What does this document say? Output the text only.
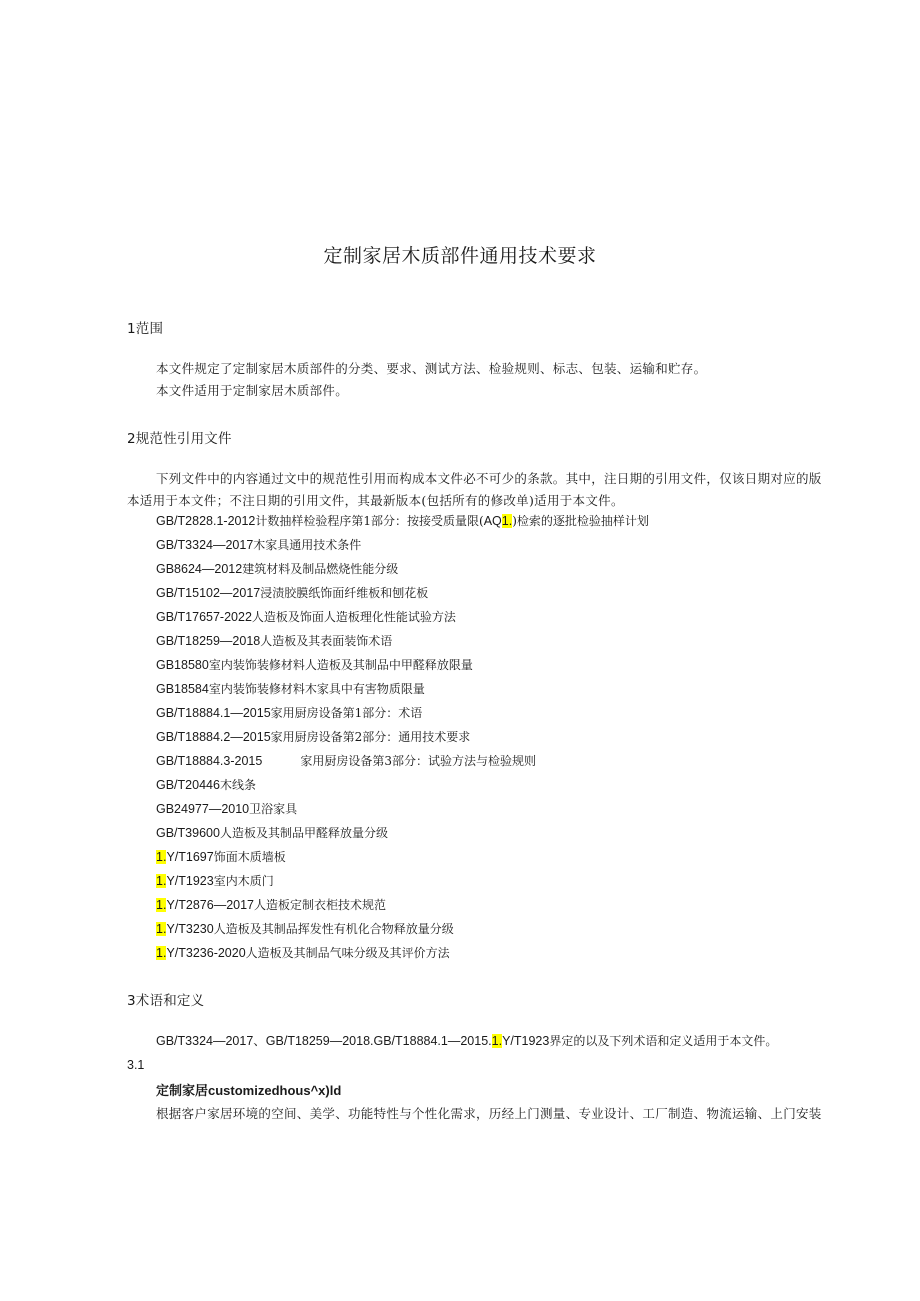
定制家居木质部件通用技术要求
1范围
本文件规定了定制家居木质部件的分类、要求、测试方法、检验规则、标志、包装、运输和贮存。
本文件适用于定制家居木质部件。
2规范性引用文件
下列文件中的内容通过文中的规范性引用而构成本文件必不可少的条款。其中，注日期的引用文件，仅该日期对应的版
本适用于本文件；不注日期的引用文件，其最新版本(包括所有的修改单)适用于本文件。
GB/T2828.1-2012计数抽样检验程序第1部分：按接受质量限(AQ1.)检索的逐批检验抽样计划
GB/T3324—2017木家具通用技术条件
GB8624—2012建筑材料及制品燃烧性能分级
GB/T15102—2017浸渍胶膜纸饰面纤维板和刨花板
GB/T17657-2022人造板及饰面人造板理化性能试验方法
GB/T18259—2018人造板及其表面装饰术语
GB18580室内装饰装修材料人造板及其制品中甲醛释放限量
GB18584室内装饰装修材料木家具中有害物质限量
GB/T18884.1—2015家用厨房设备第1部分：术语
GB/T18884.2—2015家用厨房设备第2部分：通用技术要求
GB/T18884.3-2015	家用厨房设备第3部分：试验方法与检验规则
GB/T20446木线条
GB24977—2010卫浴家具
GB/T39600人造板及其制品甲醛释放量分级
1.Y/T1697饰面木质墙板
1.Y/T1923室内木质门
1.Y/T2876—2017人造板定制衣柜技术规范
1.Y/T3230人造板及其制品挥发性有机化合物释放量分级
1.Y/T3236-2020人造板及其制品气味分级及其评价方法
3术语和定义
GB/T3324—2017、GB/T18259—2018.GB/T18884.1—2015.1.Y/T1923界定的以及下列术语和定义适用于本文件。
3.1
定制家居customizedhous^x)ld
根据客户家居环境的空间、美学、功能特性与个性化需求，历经上门测量、专业设计、工厂制造、物流运输、上门安装
